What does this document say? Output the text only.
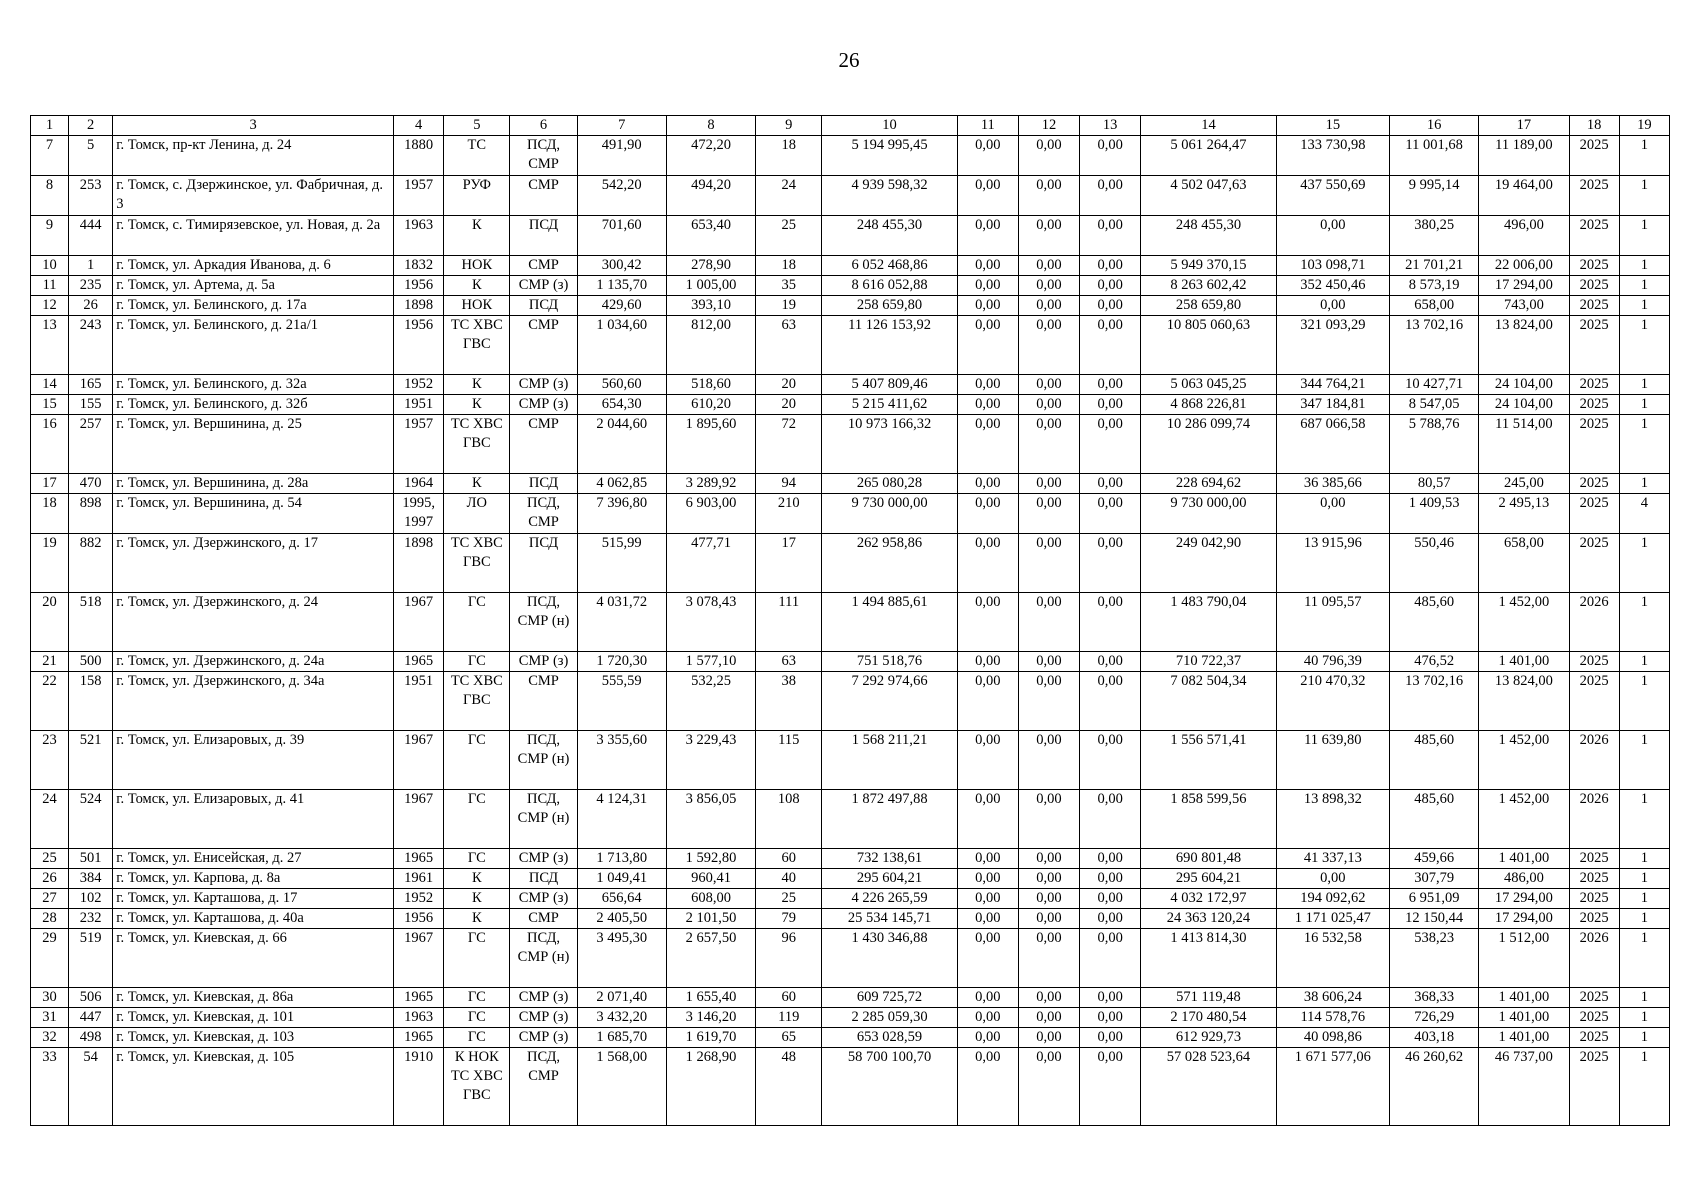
26
1	2	3	4	5	6	7	8	9	10	11	12	13	14	15	16	17	18	19
7	5	г. Томск, пр-кт Ленина, д. 24	1880	ТС	ПСД,
СМР	491,90	472,20	18	5 194 995,45	0,00	0,00	0,00	5 061 264,47	133 730,98	11 001,68	11 189,00	2025	1
8	253	г. Томск, с. Дзержинское, ул. Фабричная, д. 3	1957	РУФ	СМР	542,20	494,20	24	4 939 598,32	0,00	0,00	0,00	4 502 047,63	437 550,69	9 995,14	19 464,00	2025	1
9	444	г. Томск, с. Тимирязевское, ул. Новая, д. 2а	1963	К	ПСД	701,60	653,40	25	248 455,30	0,00	0,00	0,00	248 455,30	0,00	380,25	496,00	2025	1
10	1	г. Томск, ул. Аркадия Иванова, д. 6	1832	НОК	СМР	300,42	278,90	18	6 052 468,86	0,00	0,00	0,00	5 949 370,15	103 098,71	21 701,21	22 006,00	2025	1
11	235	г. Томск, ул. Артема, д. 5а	1956	К	СМР (з)	1 135,70	1 005,00	35	8 616 052,88	0,00	0,00	0,00	8 263 602,42	352 450,46	8 573,19	17 294,00	2025	1
12	26	г. Томск, ул. Белинского, д. 17а	1898	НОК	ПСД	429,60	393,10	19	258 659,80	0,00	0,00	0,00	258 659,80	0,00	658,00	743,00	2025	1
13	243	г. Томск, ул. Белинского, д. 21а/1	1956	ТС ХВС
ГВС	СМР	1 034,60	812,00	63	11 126 153,92	0,00	0,00	0,00	10 805 060,63	321 093,29	13 702,16	13 824,00	2025	1
14	165	г. Томск, ул. Белинского, д. 32а	1952	К	СМР (з)	560,60	518,60	20	5 407 809,46	0,00	0,00	0,00	5 063 045,25	344 764,21	10 427,71	24 104,00	2025	1
15	155	г. Томск, ул. Белинского, д. 32б	1951	К	СМР (з)	654,30	610,20	20	5 215 411,62	0,00	0,00	0,00	4 868 226,81	347 184,81	8 547,05	24 104,00	2025	1
16	257	г. Томск, ул. Вершинина, д. 25	1957	ТС ХВС
ГВС	СМР	2 044,60	1 895,60	72	10 973 166,32	0,00	0,00	0,00	10 286 099,74	687 066,58	5 788,76	11 514,00	2025	1
17	470	г. Томск, ул. Вершинина, д. 28а	1964	К	ПСД	4 062,85	3 289,92	94	265 080,28	0,00	0,00	0,00	228 694,62	36 385,66	80,57	245,00	2025	1
18	898	г. Томск, ул. Вершинина, д. 54	1995,
1997	ЛО	ПСД,
СМР	7 396,80	6 903,00	210	9 730 000,00	0,00	0,00	0,00	9 730 000,00	0,00	1 409,53	2 495,13	2025	4
19	882	г. Томск, ул. Дзержинского, д. 17	1898	ТС ХВС
ГВС	ПСД	515,99	477,71	17	262 958,86	0,00	0,00	0,00	249 042,90	13 915,96	550,46	658,00	2025	1
20	518	г. Томск, ул. Дзержинского, д. 24	1967	ГС	ПСД,
СМР (н)	4 031,72	3 078,43	111	1 494 885,61	0,00	0,00	0,00	1 483 790,04	11 095,57	485,60	1 452,00	2026	1
21	500	г. Томск, ул. Дзержинского, д. 24а	1965	ГС	СМР (з)	1 720,30	1 577,10	63	751 518,76	0,00	0,00	0,00	710 722,37	40 796,39	476,52	1 401,00	2025	1
22	158	г. Томск, ул. Дзержинского, д. 34а	1951	ТС ХВС
ГВС	СМР	555,59	532,25	38	7 292 974,66	0,00	0,00	0,00	7 082 504,34	210 470,32	13 702,16	13 824,00	2025	1
23	521	г. Томск, ул. Елизаровых, д. 39	1967	ГС	ПСД,
СМР (н)	3 355,60	3 229,43	115	1 568 211,21	0,00	0,00	0,00	1 556 571,41	11 639,80	485,60	1 452,00	2026	1
24	524	г. Томск, ул. Елизаровых, д. 41	1967	ГС	ПСД,
СМР (н)	4 124,31	3 856,05	108	1 872 497,88	0,00	0,00	0,00	1 858 599,56	13 898,32	485,60	1 452,00	2026	1
25	501	г. Томск, ул. Енисейская, д. 27	1965	ГС	СМР (з)	1 713,80	1 592,80	60	732 138,61	0,00	0,00	0,00	690 801,48	41 337,13	459,66	1 401,00	2025	1
26	384	г. Томск, ул. Карпова, д. 8а	1961	К	ПСД	1 049,41	960,41	40	295 604,21	0,00	0,00	0,00	295 604,21	0,00	307,79	486,00	2025	1
27	102	г. Томск, ул. Карташова, д. 17	1952	К	СМР (з)	656,64	608,00	25	4 226 265,59	0,00	0,00	0,00	4 032 172,97	194 092,62	6 951,09	17 294,00	2025	1
28	232	г. Томск, ул. Карташова, д. 40а	1956	К	СМР	2 405,50	2 101,50	79	25 534 145,71	0,00	0,00	0,00	24 363 120,24	1 171 025,47	12 150,44	17 294,00	2025	1
29	519	г. Томск, ул. Киевская, д. 66	1967	ГС	ПСД,
СМР (н)	3 495,30	2 657,50	96	1 430 346,88	0,00	0,00	0,00	1 413 814,30	16 532,58	538,23	1 512,00	2026	1
30	506	г. Томск, ул. Киевская, д. 86а	1965	ГС	СМР (з)	2 071,40	1 655,40	60	609 725,72	0,00	0,00	0,00	571 119,48	38 606,24	368,33	1 401,00	2025	1
31	447	г. Томск, ул. Киевская, д. 101	1963	ГС	СМР (з)	3 432,20	3 146,20	119	2 285 059,30	0,00	0,00	0,00	2 170 480,54	114 578,76	726,29	1 401,00	2025	1
32	498	г. Томск, ул. Киевская, д. 103	1965	ГС	СМР (з)	1 685,70	1 619,70	65	653 028,59	0,00	0,00	0,00	612 929,73	40 098,86	403,18	1 401,00	2025	1
33	54	г. Томск, ул. Киевская, д. 105	1910	К НОК
ТС ХВС
ГВС	ПСД,
СМР	1 568,00	1 268,90	48	58 700 100,70	0,00	0,00	0,00	57 028 523,64	1 671 577,06	46 260,62	46 737,00	2025	1
